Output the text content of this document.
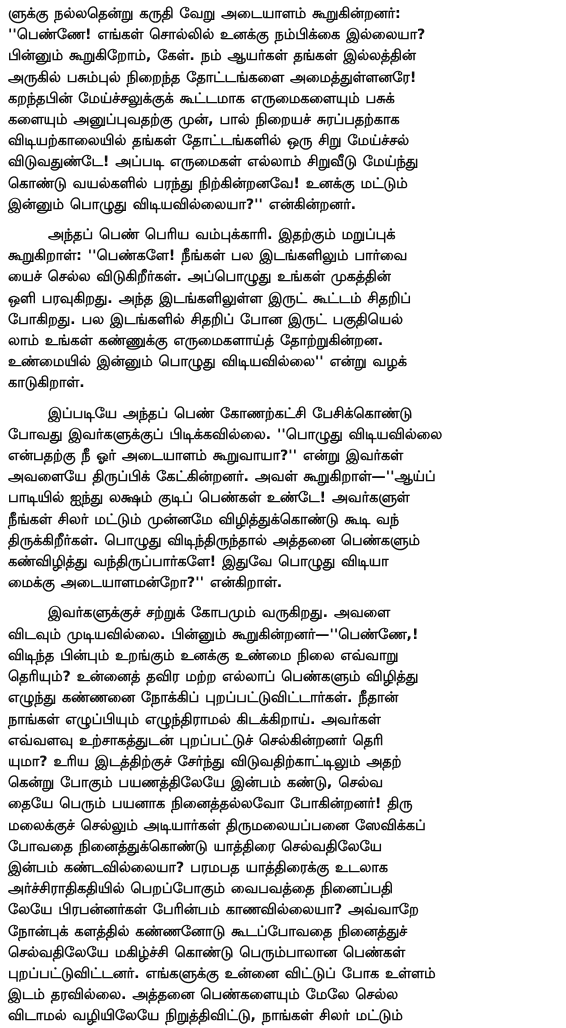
ளுக்கு நல்லதென்று கருதி வேறு அடையாளம் கூறுகின்றனர்:
''பெண்ணே! எங்கள் சொல்லில் உனக்கு நம்பிக்கை இல்லையா?
பின்னும் கூறுகிறோம், கேள். நம் ஆயர்கள் தங்கள் இல்லத்தின்
அருகில் பசும்புல் நிறைந்த தோட்டங்களை அமைத்துள்ளனரே!
கறந்தபின் மேய்ச்சலுக்குக் கூட்டமாக எருமைகளையும் பசுக்
களையும் அனுப்புவதற்கு முன், பால் நிறையச் சுரப்பதற்காக
விடியற்காலையில் தங்கள் தோட்டங்களில் ஒரு சிறு மேய்ச்சல்
விடுவதுண்டே! அப்படி எருமைகள் எல்லாம் சிறுவீடு மேய்ந்து
கொண்டு வயல்களில் பரந்து நிற்கின்றனவே! உனக்கு மட்டும்
இன்னும் பொழுது விடியவில்லையா?'' என்கின்றனர்.
அந்தப் பெண் பெரிய வம்புக்காரி. இதற்கும் மறுப்புக்
கூறுகிறாள்: ''பெண்களே! நீங்கள் பல இடங்களிலும் பார்வை
யைச் செல்ல விடுகிறீர்கள். அப்பொழுது உங்கள் முகத்தின்
ஒளி பரவுகிறது. அந்த இடங்களிலுள்ள இருட் கூட்டம் சிதறிப்
போகிறது. பல இடங்களில் சிதறிப் போன இருட் பகுதியெல்
லாம் உங்கள் கண்ணுக்கு எருமைகளாய்த் தோற்றுகின்றன.
உண்மையில் இன்னும் பொழுது விடியவில்லை'' என்று வழக்
காடுகிறாள்.
இப்படியே அந்தப் பெண் கோணற்கட்சி பேசிக்கொண்டு
போவது இவர்களுக்குப் பிடிக்கவில்லை. ''பொழுது விடியவில்லை
என்பதற்கு நீ ஓர் அடையாளம் கூறுவாயா?'' என்று இவர்கள்
அவளையே திருப்பிக் கேட்கின்றனர். அவள் கூறுகிறாள்—''ஆய்ப்
பாடியில் ஐந்து லக்ஷம் குடிப் பெண்கள் உண்டே! அவர்களுள்
நீங்கள் சிலர் மட்டும் முன்னமே விழித்துக்கொண்டு கூடி வந்
திருக்கிறீர்கள். பொழுது விடிந்திருந்தால் அத்தனை பெண்களும்
கண்விழித்து வந்திருப்பார்களே! இதுவே பொழுது விடியா
மைக்கு அடையாளமன்றோ?'' என்கிறாள்.
இவர்களுக்குச் சற்றுக் கோபமும் வருகிறது. அவளை
விடவும் முடியவில்லை. பின்னும் கூறுகின்றனர்—''பெண்ணே,!
விடிந்த பின்பும் உறங்கும் உனக்கு உண்மை நிலை எவ்வாறு
தெரியும்? உன்னைத் தவிர மற்ற எல்லாப் பெண்களும் விழித்து
எழுந்து கண்ணனை நோக்கிப் புறப்பட்டுவிட்டார்கள். நீதான்
நாங்கள் எழுப்பியும் எழுந்திராமல் கிடக்கிறாய். அவர்கள்
எவ்வளவு உற்சாகத்துடன் புறப்பட்டுச் செல்கின்றனர் தெரி
யுமா? உரிய இடத்திற்குச் சேர்ந்து விடுவதிற்காட்டிலும் அதற்
கென்று போகும் பயணத்திலேயே இன்பம் கண்டு, செல்வ
தையே பெரும் பயனாக நினைத்தல்லவோ போகின்றனர்! திரு
மலைக்குச் செல்லும் அடியார்கள் திருமலையப்பனை ஸேவிக்கப்
போவதை நினைத்துக்கொண்டு யாத்திரை செல்வதிலேயே
இன்பம் கண்டவில்லையா? பரமபத யாத்திரைக்கு உடலாக
அர்ச்சிராதிகதியில் பெறப்போகும் வைபவத்தை நினைப்பதி
லேயே பிரபன்னர்கள் பேரின்பம் காணவில்லையா? அவ்வாறே
நோன்புக் களத்தில் கண்ணனோடு கூடப்போவதை நினைத்துச்
செல்வதிலேயே மகிழ்ச்சி கொண்டு பெரும்பாலான பெண்கள்
புறப்பட்டுவிட்டனர். எங்களுக்கு உன்னை விட்டுப் போக உள்ளம்
இடம் தரவில்லை. அத்தனை பெண்களையும் மேலே செல்ல
விடாமல் வழியிலேயே நிறுத்திவிட்டு, நாங்கள் சிலர் மட்டும்
